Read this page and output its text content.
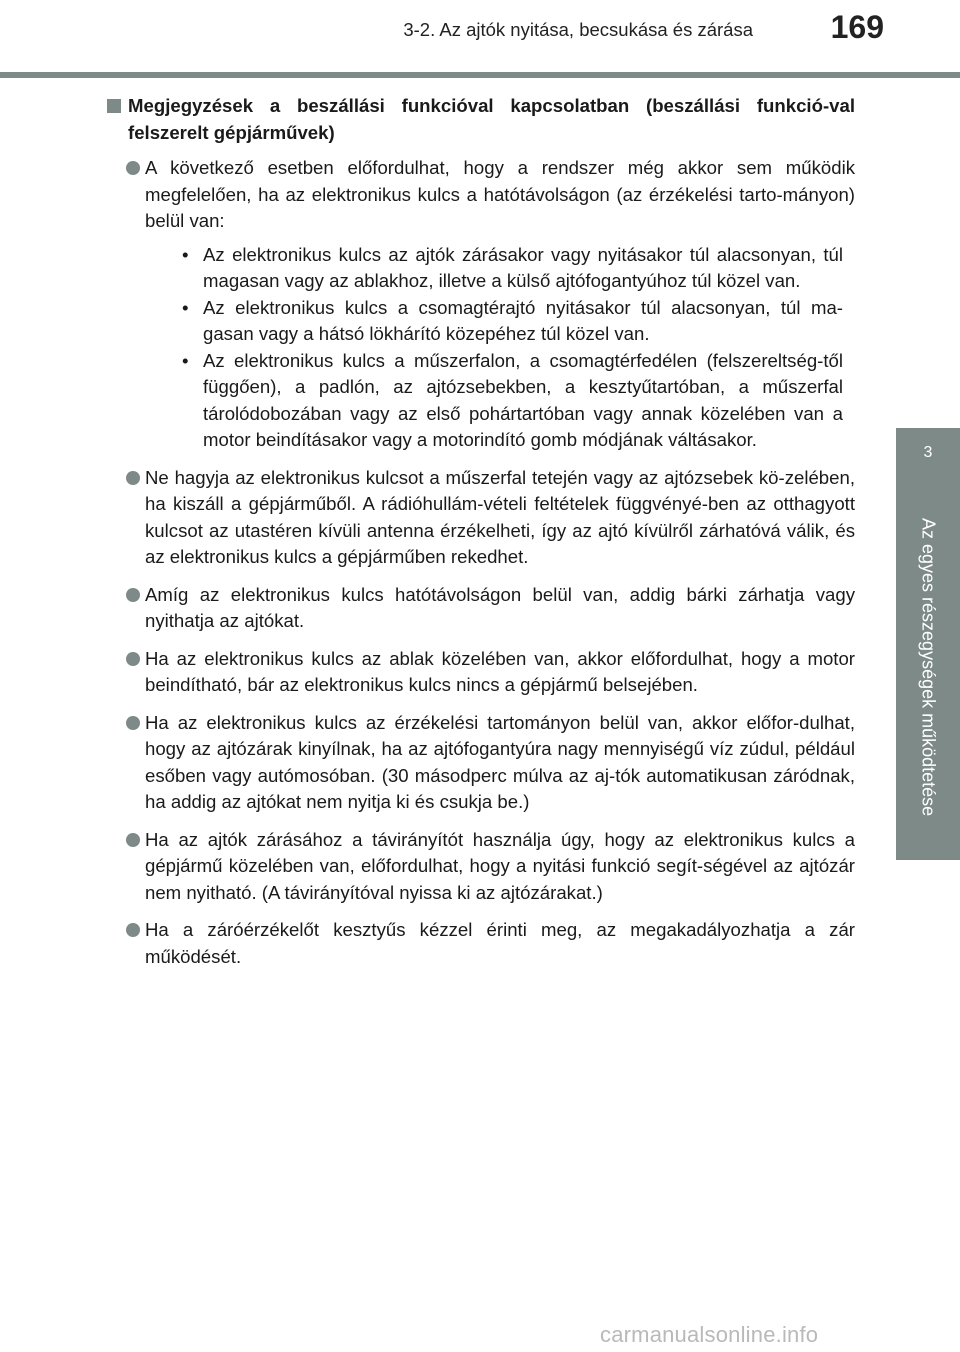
3-2. Az ajtók nyitása, becsukása és zárása 169
3
Az egyes részegységek működtetése
Megjegyzések a beszállási funkcióval kapcsolatban (beszállási funkció-val felszerelt gépjárművek)
A következő esetben előfordulhat, hogy a rendszer még akkor sem működik megfelelően, ha az elektronikus kulcs a hatótávolságon (az érzékelési tarto-mányon) belül van:
• Az elektronikus kulcs az ajtók zárásakor vagy nyitásakor túl alacsonyan, túl magasan vagy az ablakhoz, illetve a külső ajtófogantyúhoz túl közel van.
• Az elektronikus kulcs a csomagtérajtó nyitásakor túl alacsonyan, túl ma-gasan vagy a hátsó lökhárító közepéhez túl közel van.
• Az elektronikus kulcs a műszerfalon, a csomagtérfedélen (felszereltség-től függően), a padlón, az ajtózsebekben, a kesztyűtartóban, a műszerfal tárolódobozában vagy az első pohártartóban vagy annak közelében van a motor beindításakor vagy a motorindító gomb módjának váltásakor.
Ne hagyja az elektronikus kulcsot a műszerfal tetején vagy az ajtózsebek kö-zelében, ha kiszáll a gépjárműből. A rádióhullám-vételi feltételek függvényé-ben az otthagyott kulcsot az utastéren kívüli antenna érzékelheti, így az ajtó kívülről zárhatóvá válik, és az elektronikus kulcs a gépjárműben rekedhet.
Amíg az elektronikus kulcs hatótávolságon belül van, addig bárki zárhatja vagy nyithatja az ajtókat.
Ha az elektronikus kulcs az ablak közelében van, akkor előfordulhat, hogy a motor beindítható, bár az elektronikus kulcs nincs a gépjármű belsejében.
Ha az elektronikus kulcs az érzékelési tartományon belül van, akkor előfor-dulhat, hogy az ajtózárak kinyílnak, ha az ajtófogantyúra nagy mennyiségű víz zúdul, például esőben vagy autómosóban. (30 másodperc múlva az aj-tók automatikusan záródnak, ha addig az ajtókat nem nyitja ki és csukja be.)
Ha az ajtók zárásához a távirányítót használja úgy, hogy az elektronikus kulcs a gépjármű közelében van, előfordulhat, hogy a nyitási funkció segít-ségével az ajtózár nem nyitható. (A távirányítóval nyissa ki az ajtózárakat.)
Ha a záróérzékelőt kesztyűs kézzel érinti meg, az megakadályozhatja a zár működését.
carmanualsonline.info
